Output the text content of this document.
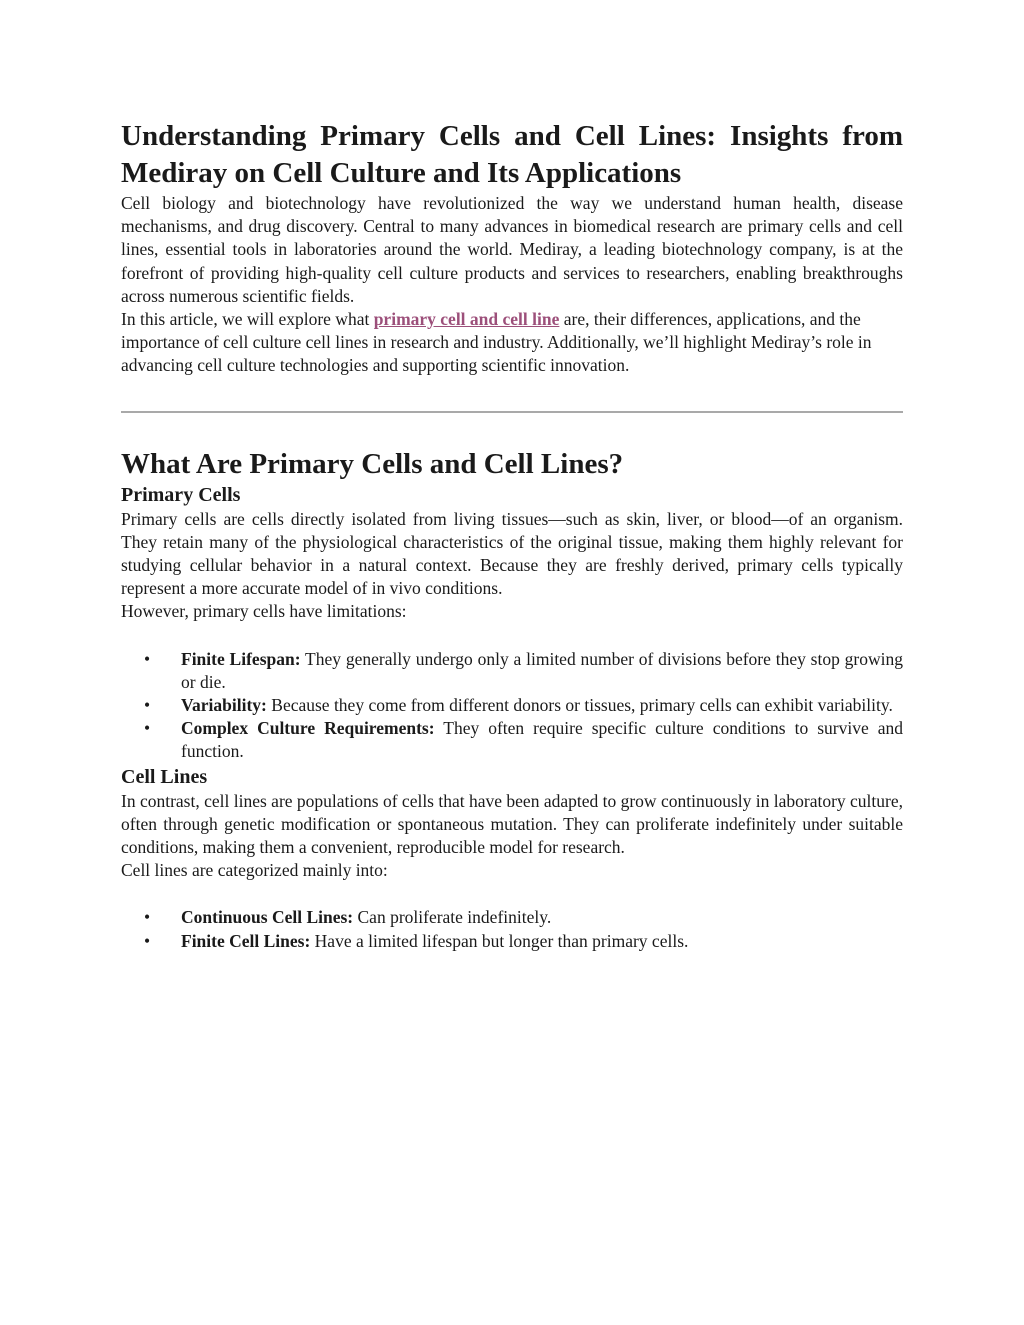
Understanding Primary Cells and Cell Lines: Insights from Mediray on Cell Culture and Its Applications

Cell biology and biotechnology have revolutionized the way we understand human health, disease mechanisms, and drug discovery. Central to many advances in biomedical research are primary cells and cell lines, essential tools in laboratories around the world. Mediray, a leading biotechnology company, is at the forefront of providing high-quality cell culture products and services to researchers, enabling breakthroughs across numerous scientific fields.

In this article, we will explore what primary cell and cell line are, their differences, applications, and the importance of cell culture cell lines in research and industry. Additionally, we’ll highlight Mediray’s role in advancing cell culture technologies and supporting scientific innovation.

What Are Primary Cells and Cell Lines?
Primary Cells

Primary cells are cells directly isolated from living tissues—such as skin, liver, or blood—of an organism. They retain many of the physiological characteristics of the original tissue, making them highly relevant for studying cellular behavior in a natural context. Because they are freshly derived, primary cells typically represent a more accurate model of in vivo conditions.

However, primary cells have limitations:

• Finite Lifespan: They generally undergo only a limited number of divisions before they stop growing or die.
• Variability: Because they come from different donors or tissues, primary cells can exhibit variability.
• Complex Culture Requirements: They often require specific culture conditions to survive and function.
Cell Lines

In contrast, cell lines are populations of cells that have been adapted to grow continuously in laboratory culture, often through genetic modification or spontaneous mutation. They can proliferate indefinitely under suitable conditions, making them a convenient, reproducible model for research.

Cell lines are categorized mainly into:

• Continuous Cell Lines: Can proliferate indefinitely.
• Finite Cell Lines: Have a limited lifespan but longer than primary cells.
